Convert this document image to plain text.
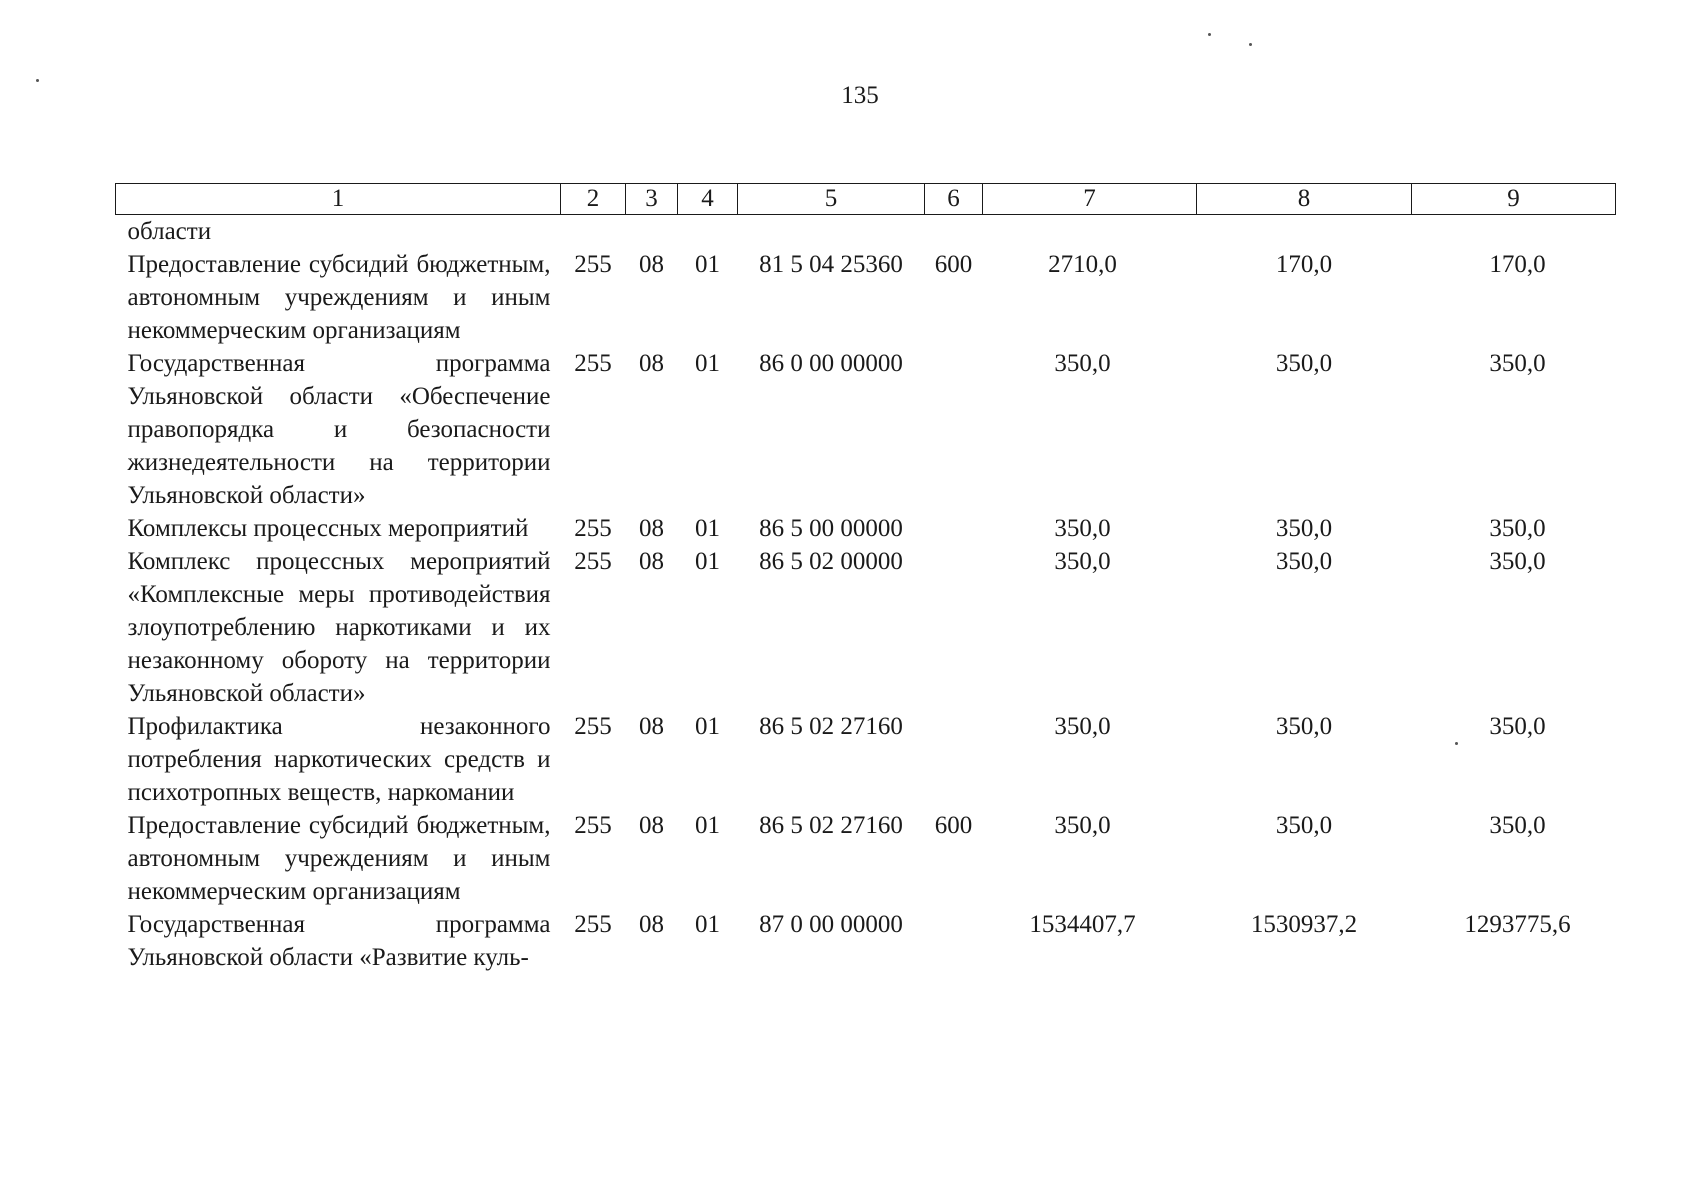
135
1	2	3	4	5	6	7	8	9
области								
Предоставление субсидий бюджетным, автономным учреждениям и иным некоммерческим организациям	255	08	01	81 5 04 25360	600	2710,0	170,0	170,0
Государственная программа Ульяновской области «Обеспечение правопорядка и безопасности жизнедеятельности на территории Ульяновской области»	255	08	01	86 0 00 00000		350,0	350,0	350,0
Комплексы процессных мероприятий	255	08	01	86 5 00 00000		350,0	350,0	350,0
Комплекс процессных мероприятий «Комплексные меры противодействия злоупотреблению наркотиками и их незаконному обороту на территории Ульяновской области»	255	08	01	86 5 02 00000		350,0	350,0	350,0
Профилактика незаконного потребления наркотических средств и психотропных веществ, наркомании	255	08	01	86 5 02 27160		350,0	350,0	350,0
Предоставление субсидий бюджетным, автономным учреждениям и иным некоммерческим организациям	255	08	01	86 5 02 27160	600	350,0	350,0	350,0
Государственная программа Ульяновской области «Развитие куль-	255	08	01	87 0 00 00000		1534407,7	1530937,2	1293775,6
